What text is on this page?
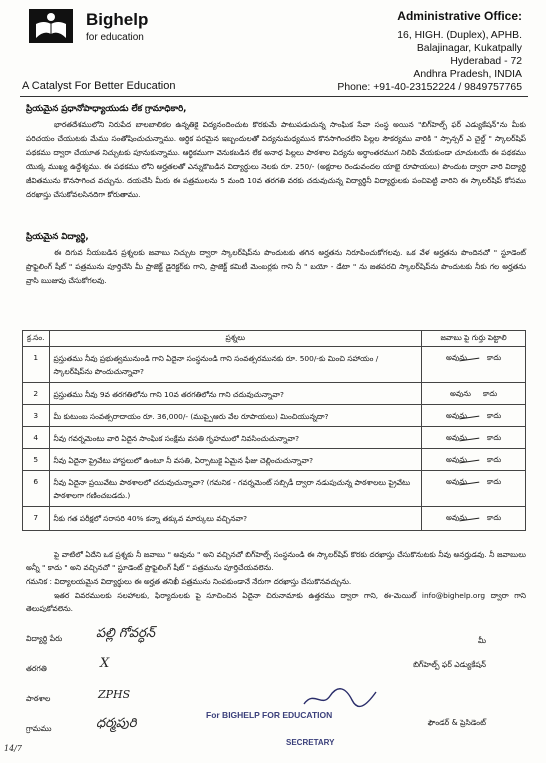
Bighelp
for education
A Catalyst For Better Education
Administrative Office:
16, HIGH. (Duplex), APHB.
Balajinagar, Kukatpally
Hyderabad - 72
Andhra Pradesh, INDIA
Phone: +91-40-23152224 / 9849757765
ప్రియమైన ప్రధానోపాధ్యాయుడు లేక గ్రామాధికారి,
భారతదేశములోని నిరుపేద బాలబాలికల ఉన్నతికై విద్యనందించుట కొరకుమే పాటుపడుచున్న సాంఘిక సేవా సంస్థ అయిన "బిగ్‌హెల్ప్ ఫర్ ఎడ్యుకేషన్"ను మీకు పరిచయం చేయుటకు మేము సంతోషించుచున్నాము. ఆర్థిక పరమైన ఇబ్బందులతో విద్యనుమధ్యమున కొనసాగించలేని పిల్లల సౌకర్యము వారికి " స్పాన్సర్ ఎ చైల్డ్ " స్కాలర్‌షిప్ పథకము ద్వారా చేయూత నిచ్చుటకు పూనుకున్నాము. ఆర్థికముగా వెనుకబడిన లేక అనాధ పిల్లలు పాఠశాల విద్యను అర్థాంతరముగ నిలిపి వేయకుండా చూచుటయే ఈ పథకము యొక్క ముఖ్య ఉద్దేశ్యము. ఈ పథకము లోని అర్హతలతో ఎన్నుకొబడిన విద్యార్థులు నెలకు రూ. 250/- (అక్షరాల రెండువందల యాభై రూపాయలు) పొందుట ద్వారా వారి విద్యార్థి జీవితమును కొనసాగించ వచ్చును. దయచేసి మీరు ఈ పత్రములను 5 మంది 10వ తరగతి వరకు చదువుచున్న విద్యార్థినీ విద్యార్థులకు పంచిపెట్టి వారిని ఈ స్కాలర్‌షిప్ కోసము దరఖాస్తు చేసుకోవలసినదిగా కోరుతాము.
ప్రియమైన విద్యార్థి,
ఈ దిగువ నీయబడిన ప్రశ్నలకు జవాబు నిచ్చుట ద్వారా స్కాలర్‌షిప్‌ను పొందుటకు తగిన అర్హతను నిరూపించుకోగలవు. ఒక వేళ అర్హతను పొందినచో " స్టూడెంట్ ప్రొఫైలింగ్ షీట్ " పత్రమును పూర్తిచేసి మీ ప్రాజెక్ట్ డైరెక్టర్‌కు గాని, ప్రాజెక్ట్ కమిటీ మెంబర్లకు గాని నీ " బయో - డేటా " ను జతపరచి స్కాలర్‌షిప్‌ను పొందుటకు నీకు గల అర్హతను వ్రాసి ఋజువు చేసుకోగలవు.
క్ర.సం.	ప్రశ్నలు	జవాబు పై గుర్తు పెట్టాలి
1	ప్రస్తుతము నీవు ప్రభుత్వమునుండి గాని ఏదైనా సంస్థనుండి గాని సంవత్సరమునకు రూ. 500/-కు మించి సహాయం / స్కాలర్‌షిప్‌ను పొందుచున్నావా?	అవును కాదు
2	ప్రస్తుతము నీవు 9వ తరగతిలోను గాని 10వ తరగతిలోను గాని చదువుచున్నావా?	అవును కాదు
3	మీ కుటుంబ సంవత్సరాదాయం రూ. 36,000/- (ముప్పైఆరు వేల రూపాయలు) మించియున్నదా?	అవును కాదు
4	నీవు గవర్నమెంటు వారి ఏదైన సాంఘిక సంక్షేమ వసతి గృహములో నివసించుచున్నావా?	అవును కాదు
5	నీవు ఏదైనా ప్రైవేటు హాస్టలులో ఉంటూ నీ వసతి, ఏర్పాటుకై ఏమైన ఫీజు చెల్లించుచున్నావా?	అవును కాదు
6	నీవు ఏదైనా ప్రయివేటు పాఠశాలలో చదువుచున్నావా? (గమనిక - గవర్నమెంట్ సబ్సిడీ ద్వారా నడుపుచున్న పాఠశాలలు ప్రైవేటు పాఠశాలగా గణించబడదు.)	అవును కాదు
7	నీకు గత పరీక్షలో సరాసరి 40% కన్నా తక్కువ మార్కులు వచ్చినవా?	అవును కాదు
పై వాటిలో ఏదేని ఒక ప్రశ్నకు నీ జవాబు " అవును " అని వచ్చినచో బిగ్‌హెల్ప్ సంస్థనుండి ఈ స్కాలర్‌షిప్ కొరకు దరఖాస్తు చేసుకొనుటకు నీవు అనర్హుడవు. నీ జవాబులు అన్నీ " కాదు " అని వచ్చినచో " స్టూడెంట్ ప్రొఫైలింగ్ షీట్ " పత్రమును పూర్తిచేయవలెను.
గమనిక : విద్యాలయమైన విద్యార్థులు ఈ అర్హత తనిఖీ పత్రమును నింపకుండానే నేరుగా దరఖాస్తు చేసుకొనవచ్చును.
ఇతర వివరములకు సలహాలకు, ఫిర్యాదులకు పై సూచించిన ఏదైనా చిరునామాకు ఉత్తరము ద్వారా గాని, ఈ-మెయిల్ info@bighelp.org ద్వారా గాని తెలుపుకోవలెను.
విద్యార్థి పేరు	పల్లి గోవర్ధన్
తరగతి	X
పాఠశాల	ZPHS
గ్రామము	ధర్మపురి
14/7
మీ
బిగ్‌హెల్ప్ ఫర్ ఎడ్యుకేషన్
ఫౌండర్ & ప్రెసిడెంట్
For BIGHELP FOR EDUCATION
SECRETARY
